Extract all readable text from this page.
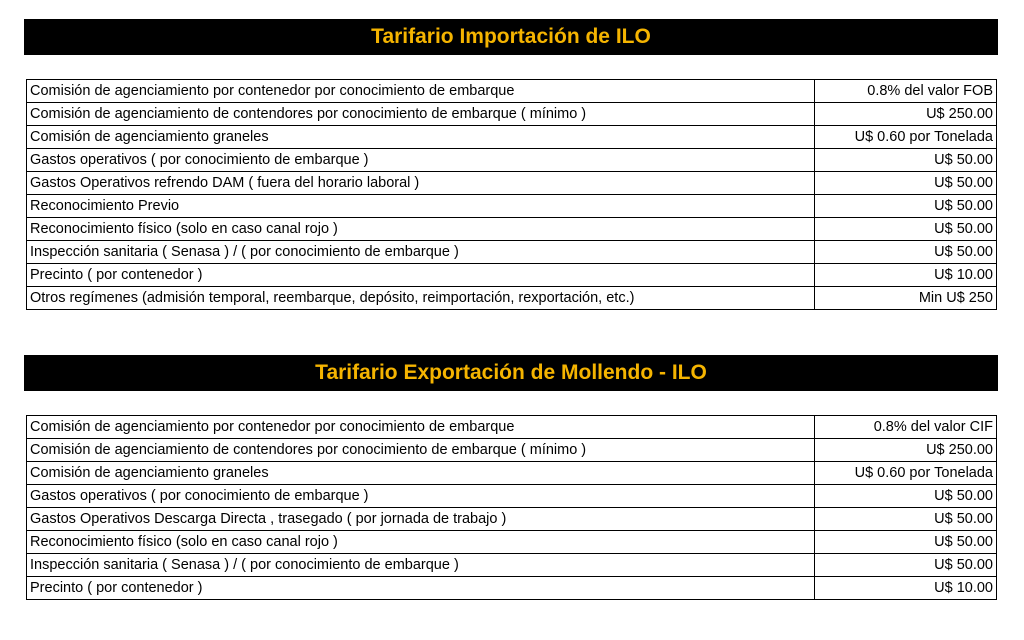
Tarifario Importación de ILO
Comisión de agenciamiento por contenedor por conocimiento de embarque	0.8% del valor FOB
Comisión de agenciamiento de contendores por conocimiento de embarque ( mínimo )	U$ 250.00
Comisión de agenciamiento graneles	U$ 0.60 por Tonelada
Gastos operativos ( por conocimiento de embarque )	U$ 50.00
Gastos Operativos refrendo DAM ( fuera del horario laboral )	U$ 50.00
Reconocimiento Previo	U$ 50.00
Reconocimiento físico (solo en caso canal rojo )	U$ 50.00
Inspección sanitaria ( Senasa ) / ( por conocimiento de embarque )	U$ 50.00
Precinto ( por contenedor )	U$ 10.00
Otros regímenes (admisión temporal, reembarque, depósito, reimportación, rexportación, etc.)	Min U$ 250
Tarifario Exportación de Mollendo - ILO
Comisión de agenciamiento por contenedor por conocimiento de embarque	0.8% del valor CIF
Comisión de agenciamiento de contendores por conocimiento de embarque ( mínimo )	U$ 250.00
Comisión de agenciamiento graneles	U$ 0.60 por Tonelada
Gastos operativos ( por conocimiento de embarque )	U$ 50.00
Gastos Operativos Descarga Directa , trasegado ( por jornada de trabajo )	U$ 50.00
Reconocimiento físico (solo en caso canal rojo )	U$ 50.00
Inspección sanitaria ( Senasa ) / ( por conocimiento de embarque )	U$ 50.00
Precinto ( por contenedor )	U$ 10.00
